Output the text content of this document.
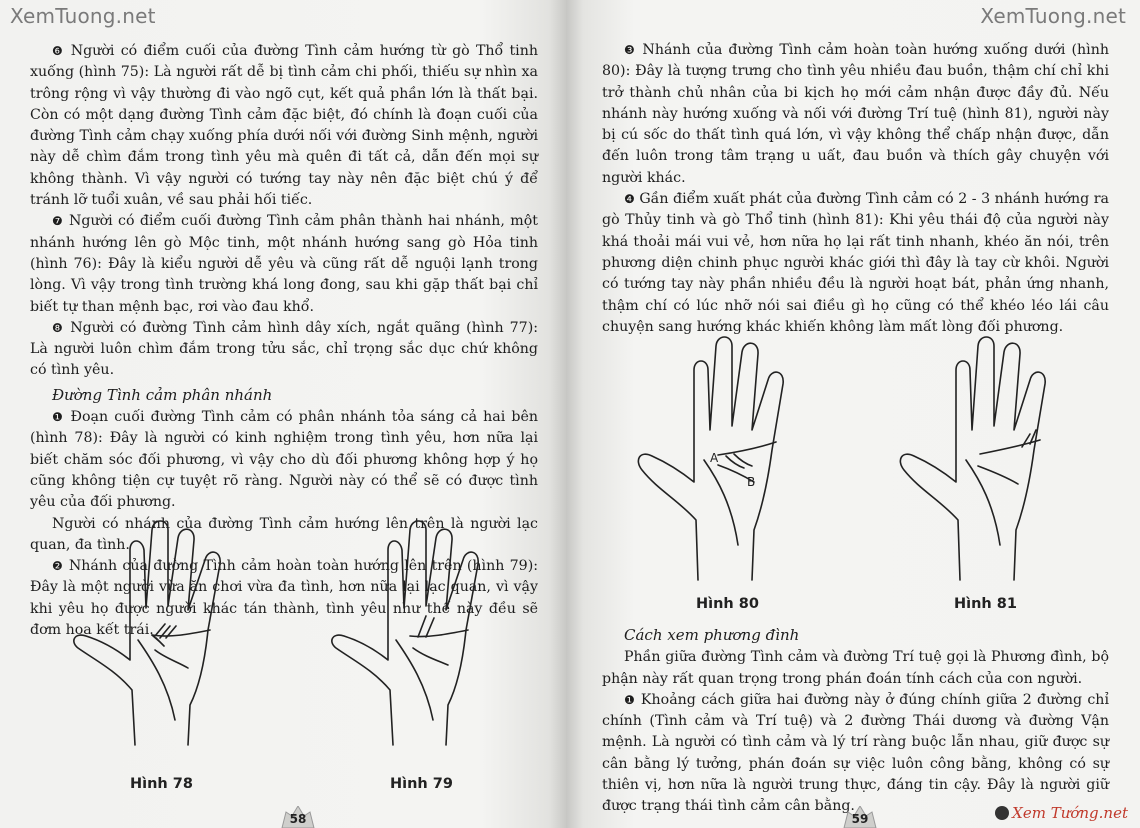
XemTuong.net

❻ Người có điểm cuối của đường Tình cảm hướng từ gò Thổ tinh xuống (hình 75): Là người rất dễ bị tình cảm chi phối, thiếu sự nhìn xa trông rộng vì vậy thường đi vào ngõ cụt, kết quả phần lớn là thất bại. Còn có một dạng đường Tình cảm đặc biệt, đó chính là đoạn cuối của đường Tình cảm chạy xuống phía dưới nối với đường Sinh mệnh, người này dễ chìm đắm trong tình yêu mà quên đi tất cả, dẫn đến mọi sự không thành. Vì vậy người có tướng tay này nên đặc biệt chú ý để tránh lỡ tuổi xuân, về sau phải hối tiếc.

❼ Người có điểm cuối đường Tình cảm phân thành hai nhánh, một nhánh hướng lên gò Mộc tinh, một nhánh hướng sang gò Hỏa tinh (hình 76): Đây là kiểu người dễ yêu và cũng rất dễ nguội lạnh trong lòng. Vì vậy trong tình trường khá long đong, sau khi gặp thất bại chỉ biết tự than mệnh bạc, rơi vào đau khổ.

❽ Người có đường Tình cảm hình dây xích, ngắt quãng (hình 77): Là người luôn chìm đắm trong tửu sắc, chỉ trọng sắc dục chứ không có tình yêu.

Đường Tình cảm phân nhánh

❶ Đoạn cuối đường Tình cảm có phân nhánh tỏa sáng cả hai bên (hình 78): Đây là người có kinh nghiệm trong tình yêu, hơn nữa lại biết chăm sóc đối phương, vì vậy cho dù đối phương không hợp ý họ cũng không tiện cự tuyệt rõ ràng. Người này có thể sẽ có được tình yêu của đối phương.

Người có nhánh của đường Tình cảm hướng lên trên là người lạc quan, đa tình.

❷ Nhánh của đường Tình cảm hoàn toàn hướng lên trên (hình 79): Đây là một người vừa ăn chơi vừa đa tình, hơn nữa lại lạc quan, vì vậy khi yêu họ được người khác tán thành, tình yêu như thế này đều sẽ đơm hoa kết trái.

Hình 78	Hình 79
58
XemTuong.net

❸ Nhánh của đường Tình cảm hoàn toàn hướng xuống dưới (hình 80): Đây là tượng trưng cho tình yêu nhiều đau buồn, thậm chí chỉ khi trở thành chủ nhân của bi kịch họ mới cảm nhận được đầy đủ. Nếu nhánh này hướng xuống và nối với đường Trí tuệ (hình 81), người này bị cú sốc do thất tình quá lớn, vì vậy không thể chấp nhận được, dẫn đến luôn trong tâm trạng u uất, đau buồn và thích gây chuyện với người khác.

❹ Gần điểm xuất phát của đường Tình cảm có 2 - 3 nhánh hướng ra gò Thủy tinh và gò Thổ tinh (hình 81): Khi yêu thái độ của người này khá thoải mái vui vẻ, hơn nữa họ lại rất tinh nhanh, khéo ăn nói, trên phương diện chinh phục người khác giới thì đây là tay cừ khôi. Người có tướng tay này phần nhiều đều là người hoạt bát, phản ứng nhanh, thậm chí có lúc nhỡ nói sai điều gì họ cũng có thể khéo léo lái câu chuyện sang hướng khác khiến không làm mất lòng đối phương.

A
B
Hình 80	Hình 81

Cách xem phương đình

Phần giữa đường Tình cảm và đường Trí tuệ gọi là Phương đình, bộ phận này rất quan trọng trong phán đoán tính cách của con người.

❶ Khoảng cách giữa hai đường này ở đúng chính giữa 2 đường chỉ chính (Tình cảm và Trí tuệ) và 2 đường Thái dương và đường Vận mệnh. Là người có tình cảm và lý trí ràng buộc lẫn nhau, giữ được sự cân bằng lý tưởng, phán đoán sự việc luôn công bằng, không có sự thiên vị, hơn nữa là người trung thực, đáng tin cậy. Đây là người giữ được trạng thái tình cảm cân bằng.

59	Xem Tướng.net
